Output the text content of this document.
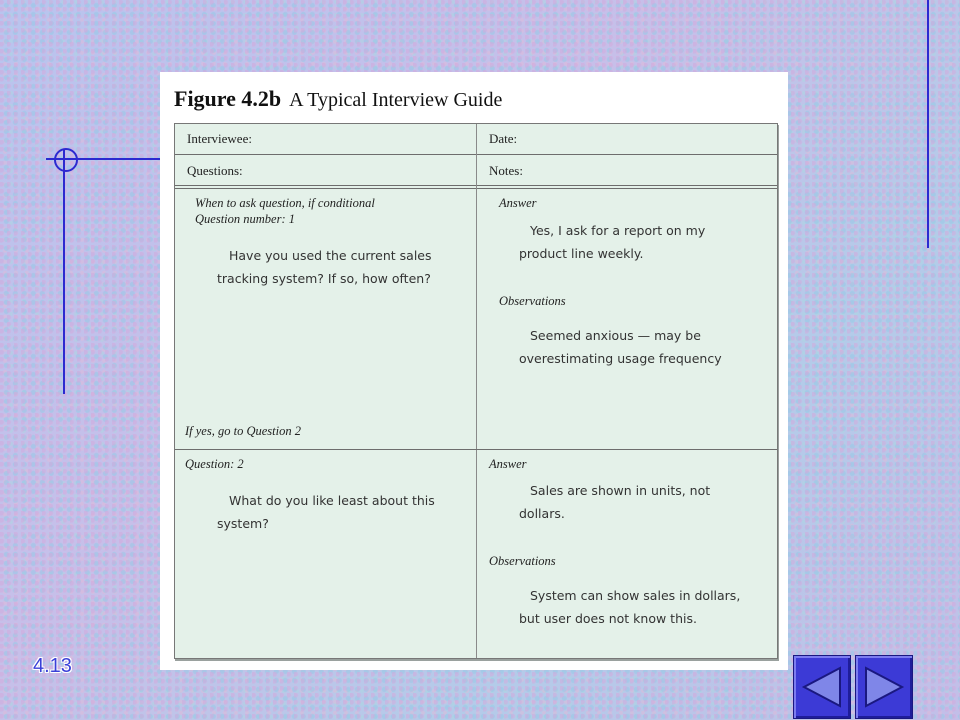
4.13
Figure 4.2b A Typical Interview Guide
Interviewee:	Date:
Questions:	Notes:
When to ask question, if conditional
Question number: 1
Have you used the current sales
tracking system? If so, how often?
If yes, go to Question 2
Answer
Yes, I ask for a report on my
product line weekly.
Observations
Seemed anxious — may be
overestimating usage frequency
Question: 2
What do you like least about this
system?
Answer
Sales are shown in units, not
dollars.
Observations
System can show sales in dollars,
but user does not know this.
